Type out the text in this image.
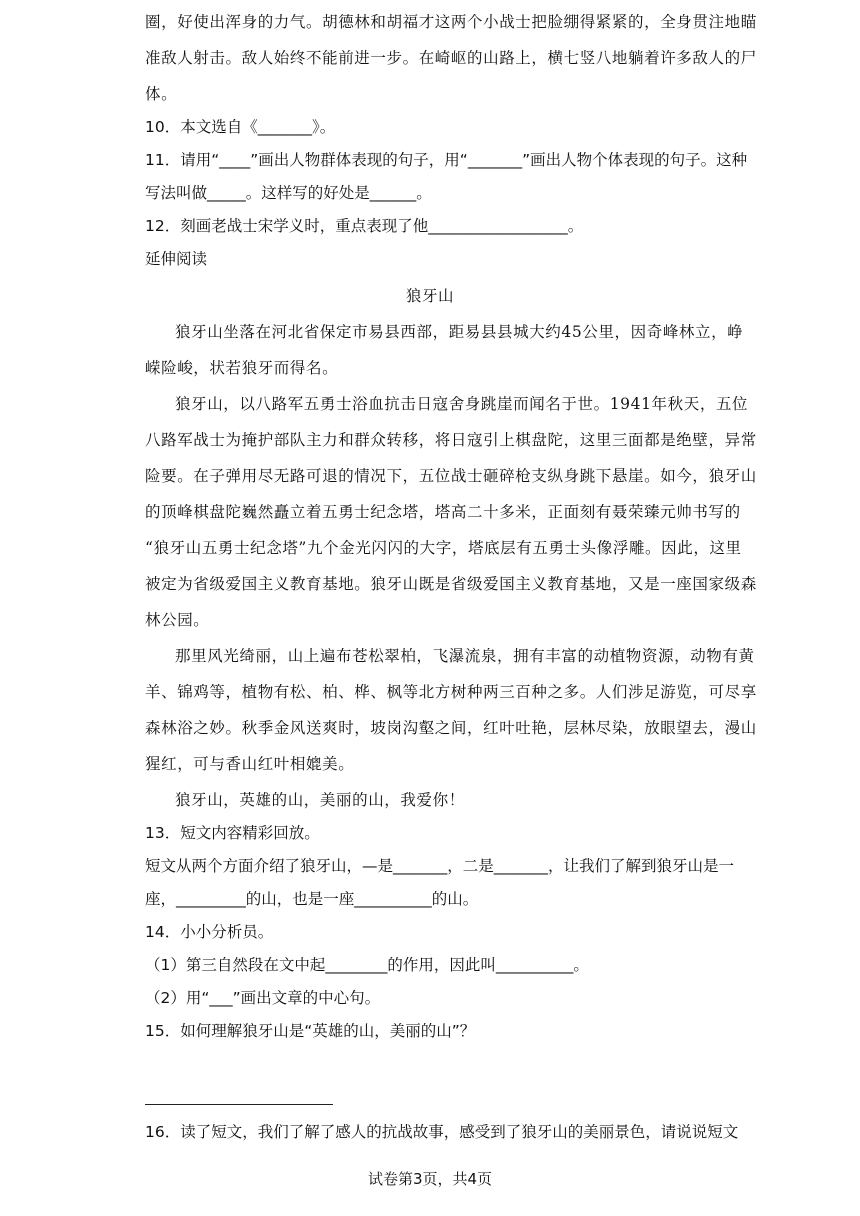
圈，好使出浑身的力气。胡德林和胡福才这两个小战士把脸绷得紧紧的，全身贯注地瞄
准敌人射击。敌人始终不能前进一步。在崎岖的山路上，横七竖八地躺着许多敌人的尸
体。
10．本文选自《_______》。
11．请用“____”画出人物群体表现的句子，用“_______”画出人物个体表现的句子。这种
写法叫做_____。这样写的好处是______。
12．刻画老战士宋学义时，重点表现了他__________________。
延伸阅读
狼牙山
狼牙山坐落在河北省保定市易县西部，距易县县城大约45公里，因奇峰林立，峥
嵘险峻，状若狼牙而得名。
狼牙山，以八路军五勇士浴血抗击日寇舍身跳崖而闻名于世。1941年秋天，五位
八路军战士为掩护部队主力和群众转移，将日寇引上棋盘陀，这里三面都是绝壁，异常
险要。在子弹用尽无路可退的情况下，五位战士砸碎枪支纵身跳下悬崖。如今，狼牙山
的顶峰棋盘陀巍然矗立着五勇士纪念塔，塔高二十多米，正面刻有聂荣臻元帅书写的
“狼牙山五勇士纪念塔”九个金光闪闪的大字，塔底层有五勇士头像浮雕。因此，这里
被定为省级爱国主义教育基地。狼牙山既是省级爱国主义教育基地，又是一座国家级森
林公园。
那里风光绮丽，山上遍布苍松翠柏，飞瀑流泉，拥有丰富的动植物资源，动物有黄
羊、锦鸡等，植物有松、柏、桦、枫等北方树种两三百种之多。人们涉足游览，可尽享
森林浴之妙。秋季金风送爽时，坡岗沟壑之间，红叶吐艳，层林尽染，放眼望去，漫山
猩红，可与香山红叶相媲美。
狼牙山，英雄的山，美丽的山，我爱你！
13．短文内容精彩回放。
短文从两个方面介绍了狼牙山，—是_______，二是_______，让我们了解到狼牙山是一
座，_________的山，也是一座__________的山。
14．小小分析员。
（1）第三自然段在文中起________的作用，因此叫__________。
（2）用“___”画出文章的中心句。
15．如何理解狼牙山是“英雄的山，美丽的山”？
16．读了短文，我们了解了感人的抗战故事，感受到了狼牙山的美丽景色，请说说短文
试卷第3页，共4页
